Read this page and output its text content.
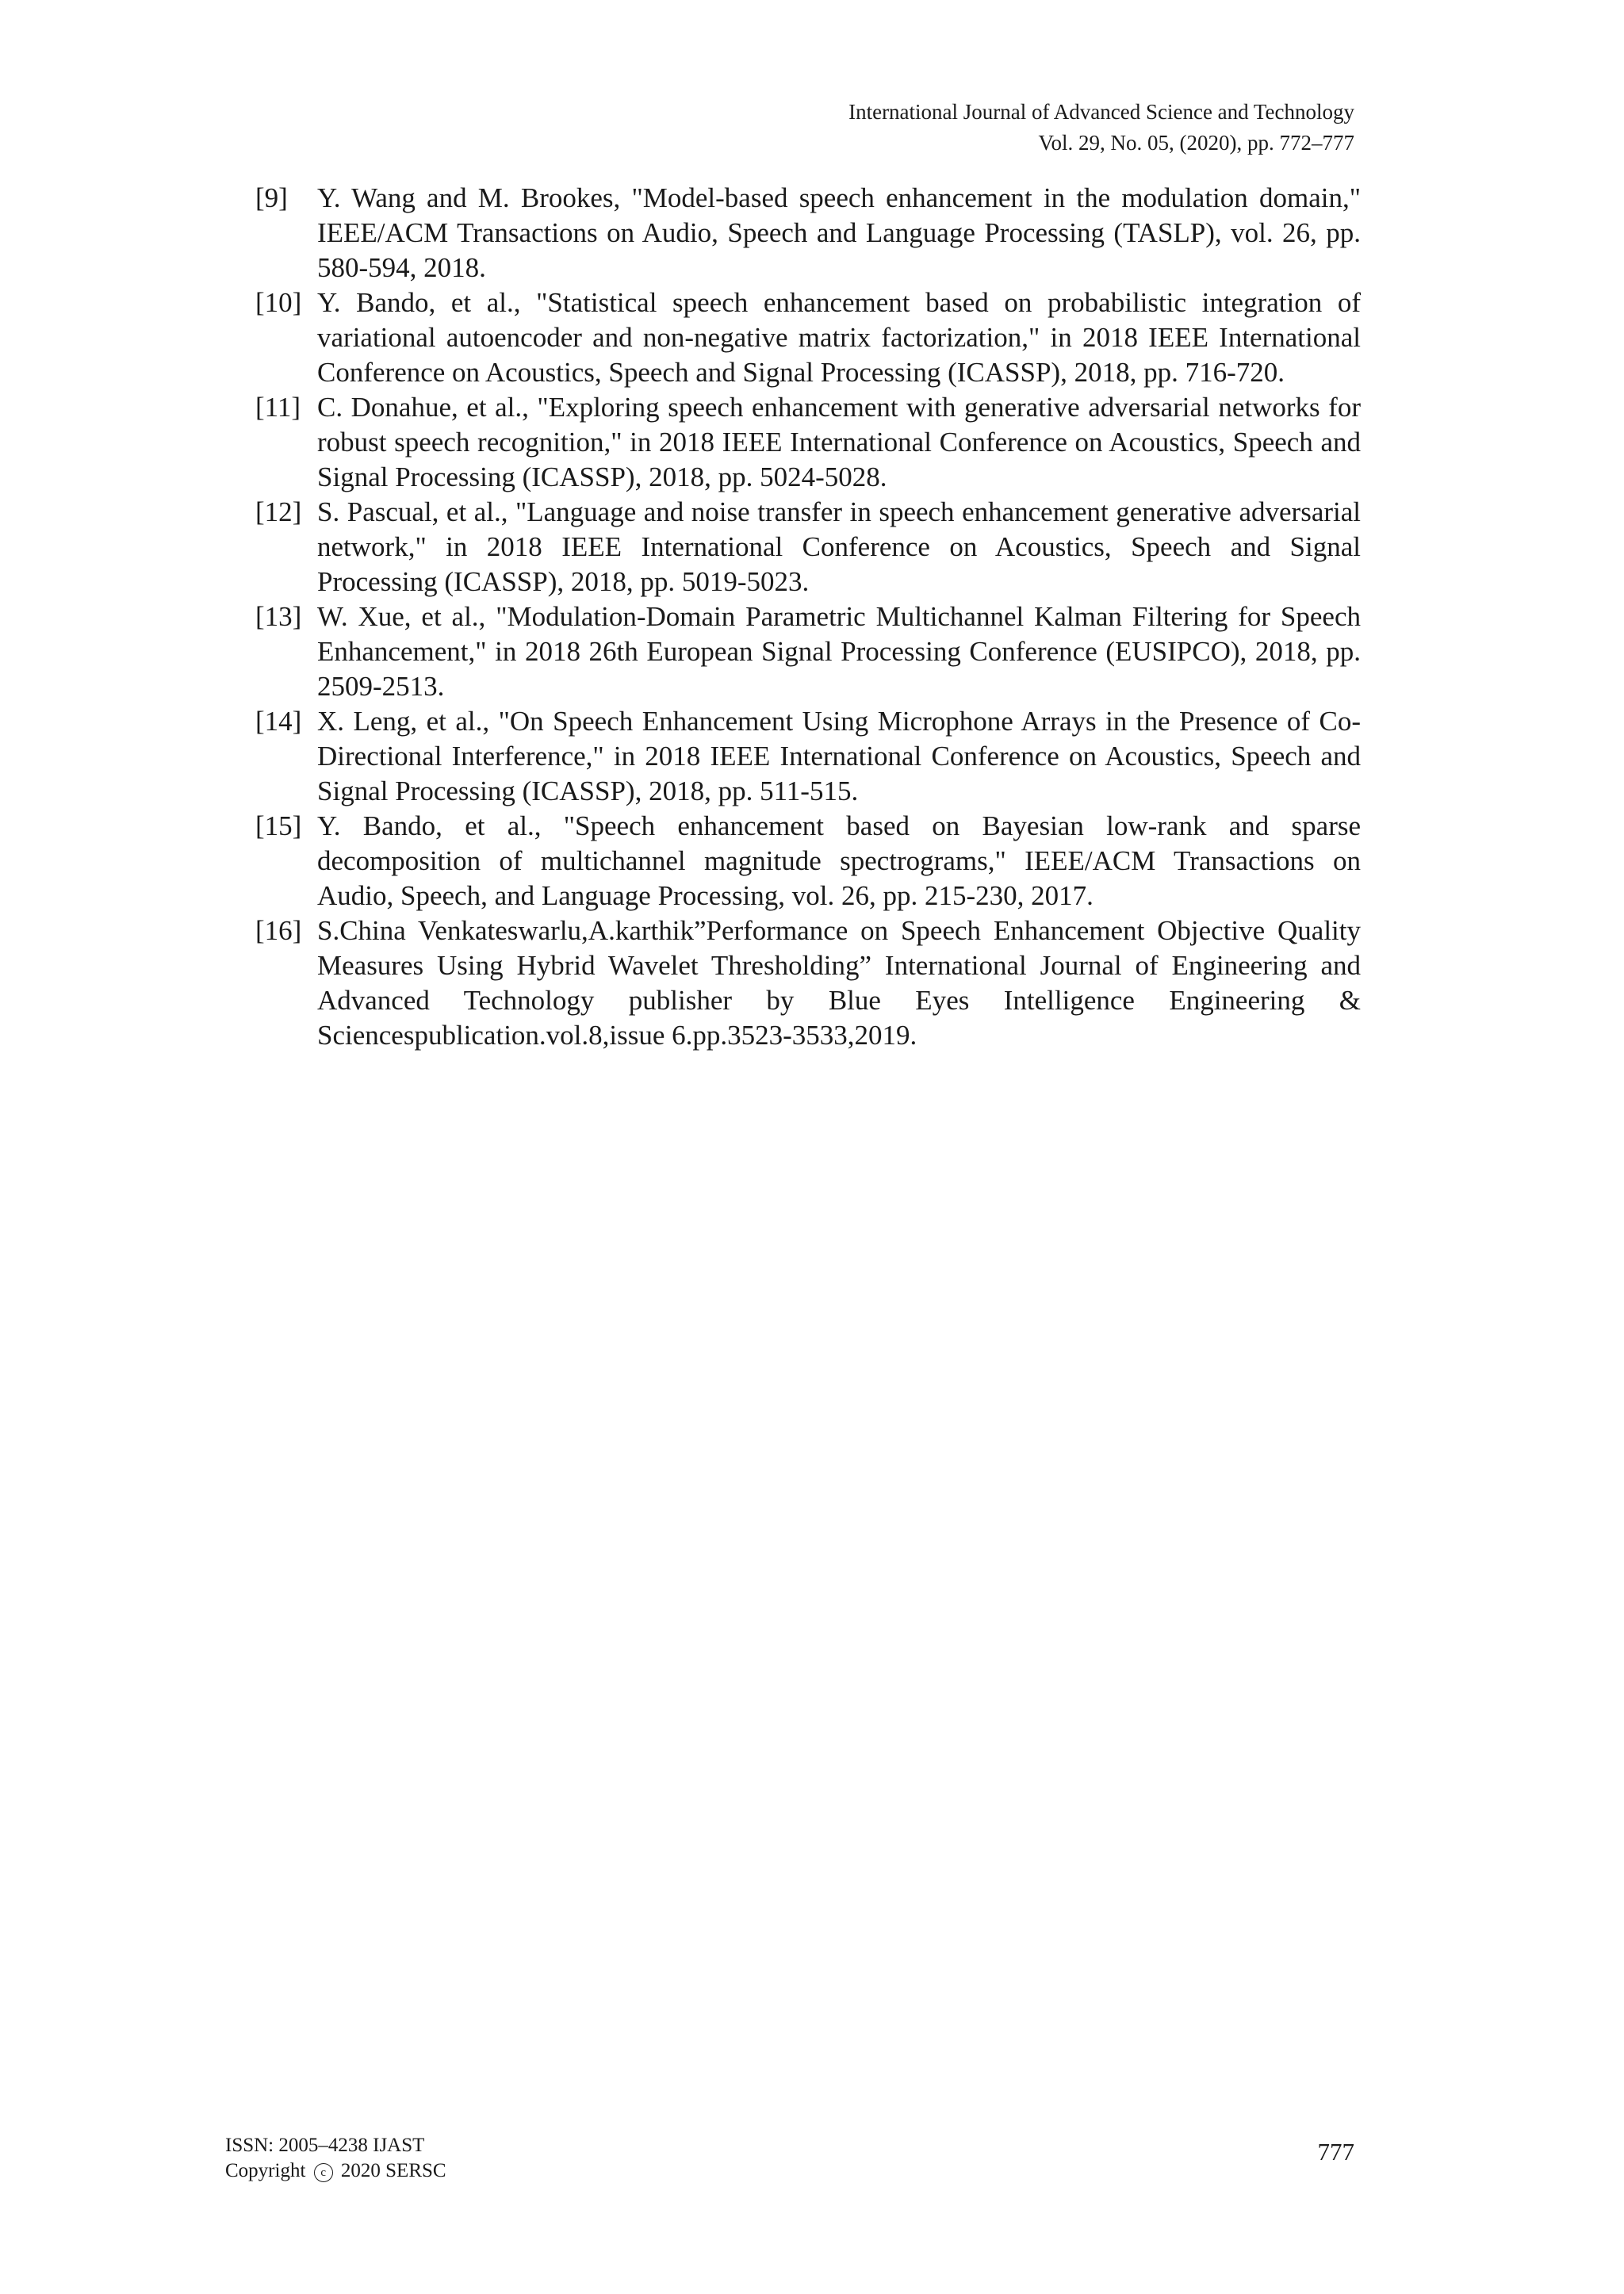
International Journal of Advanced Science and Technology
Vol. 29, No. 05, (2020), pp. 772–777
[9]	Y. Wang and M. Brookes, "Model-based speech enhancement in the modulation domain," IEEE/ACM Transactions on Audio, Speech and Language Processing (TASLP), vol. 26, pp. 580-594, 2018.
[10] Y. Bando, et al., "Statistical speech enhancement based on probabilistic integration of variational autoencoder and non-negative matrix factorization," in 2018 IEEE International Conference on Acoustics, Speech and Signal Processing (ICASSP), 2018, pp. 716-720.
[11] C. Donahue, et al., "Exploring speech enhancement with generative adversarial networks for robust speech recognition," in 2018 IEEE International Conference on Acoustics, Speech and Signal Processing (ICASSP), 2018, pp. 5024-5028.
[12] S. Pascual, et al., "Language and noise transfer in speech enhancement generative adversarial network," in 2018 IEEE International Conference on Acoustics, Speech and Signal Processing (ICASSP), 2018, pp. 5019-5023.
[13] W. Xue, et al., "Modulation-Domain Parametric Multichannel Kalman Filtering for Speech Enhancement," in 2018 26th European Signal Processing Conference (EUSIPCO), 2018, pp. 2509-2513.
[14] X. Leng, et al., "On Speech Enhancement Using Microphone Arrays in the Presence of Co-Directional Interference," in 2018 IEEE International Conference on Acoustics, Speech and Signal Processing (ICASSP), 2018, pp. 511-515.
[15] Y. Bando, et al., "Speech enhancement based on Bayesian low-rank and sparse decomposition of multichannel magnitude spectrograms," IEEE/ACM Transactions on Audio, Speech, and Language Processing, vol. 26, pp. 215-230, 2017.
[16] S.China Venkateswarlu,A.karthik”Performance on Speech Enhancement Objective Quality Measures Using Hybrid Wavelet Thresholding” International Journal of Engineering and Advanced Technology publisher by Blue Eyes Intelligence Engineering & Sciencespublication.vol.8,issue 6.pp.3523-3533,2019.
ISSN: 2005–4238 IJAST
Copyright c 2020 SERSC
777
